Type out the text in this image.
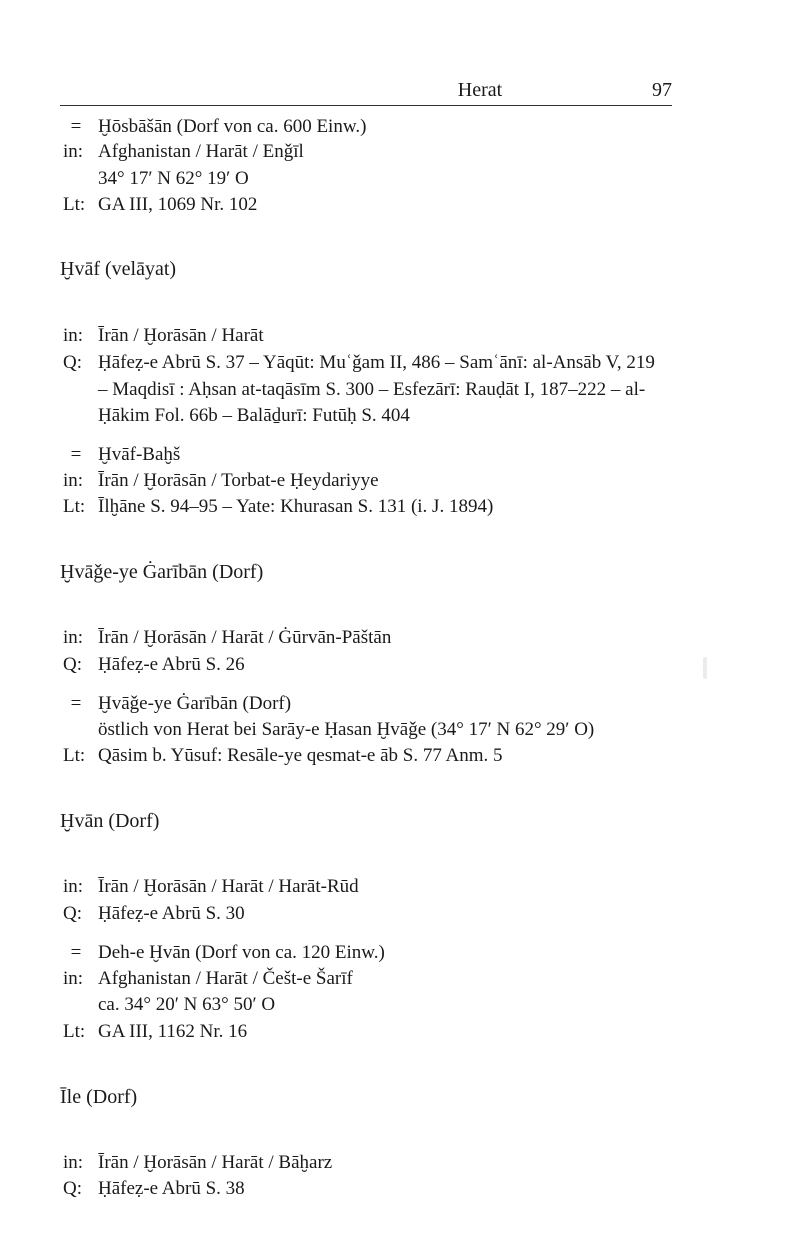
Herat	97
= Ḫōsbāšān (Dorf von ca. 600 Einw.)
in: Afghanistan / Harāt / Enǧīl
34° 17′ N 62° 19′ O
Lt: GA III, 1069 Nr. 102
Ḫvāf (velāyat)
in: Īrān / Ḫorāsān / Harāt
Q: Ḥāfeẓ-e Abrū S. 37 – Yāqūt: Muʿǧam II, 486 – Samʿānī: al-Ansāb V, 219
– Maqdisī : Aḥsan at-taqāsīm S. 300 – Esfezārī: Rauḍāt I, 187–222 – al-
Ḥākim Fol. 66b – Balāḏurī: Futūḥ S. 404
= Ḫvāf-Baḫš
in: Īrān / Ḫorāsān / Torbat-e Ḥeydariyye
Lt: Īlḫāne S. 94–95 – Yate: Khurasan S. 131 (i. J. 1894)
Ḫvāǧe-ye Ġarībān (Dorf)
in: Īrān / Ḫorāsān / Harāt / Ġūrvān-Pāštān
Q: Ḥāfeẓ-e Abrū S. 26
= Ḫvāǧe-ye Ġarībān (Dorf)
östlich von Herat bei Sarāy-e Ḥasan Ḫvāǧe (34° 17′ N 62° 29′ O)
Lt: Qāsim b. Yūsuf: Resāle-ye qesmat-e āb S. 77 Anm. 5
Ḫvān (Dorf)
in: Īrān / Ḫorāsān / Harāt / Harāt-Rūd
Q: Ḥāfeẓ-e Abrū S. 30
= Deh-e Ḫvān (Dorf von ca. 120 Einw.)
in: Afghanistan / Harāt / Češt-e Šarīf
ca. 34° 20′ N 63° 50′ O
Lt: GA III, 1162 Nr. 16
Īle (Dorf)
in: Īrān / Ḫorāsān / Harāt / Bāḫarz
Q: Ḥāfeẓ-e Abrū S. 38
